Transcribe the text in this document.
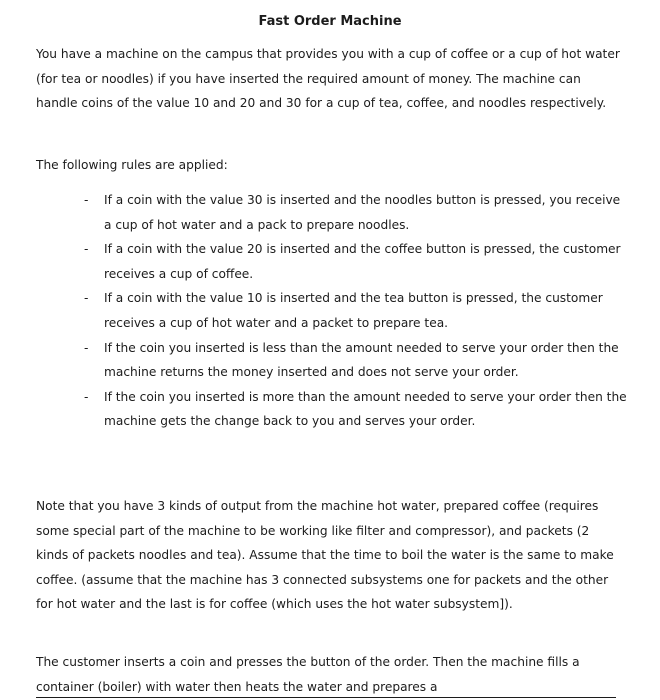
Fast Order Machine

You have a machine on the campus that provides you with a cup of coffee or a cup of hot water (for tea or noodles) if you have inserted the required amount of money. The machine can handle coins of the value 10 and 20 and 30 for a cup of tea, coffee, and noodles respectively.

The following rules are applied:

- If a coin with the value 30 is inserted and the noodles button is pressed, you receive a cup of hot water and a pack to prepare noodles.
- If a coin with the value 20 is inserted and the coffee button is pressed, the customer receives a cup of coffee.
- If a coin with the value 10 is inserted and the tea button is pressed, the customer receives a cup of hot water and a packet to prepare tea.
- If the coin you inserted is less than the amount needed to serve your order then the machine returns the money inserted and does not serve your order.
- If the coin you inserted is more than the amount needed to serve your order then the machine gets the change back to you and serves your order.

Note that you have 3 kinds of output from the machine hot water, prepared coffee (requires some special part of the machine to be working like filter and compressor), and packets (2 kinds of packets noodles and tea). Assume that the time to boil the water is the same to make coffee. (assume that the machine has 3 connected subsystems one for packets and the other for hot water and the last is for coffee (which uses the hot water subsystem]).

The customer inserts a coin and presses the button of the order. Then the machine fills a container (boiler) with water then heats the water and prepares a
